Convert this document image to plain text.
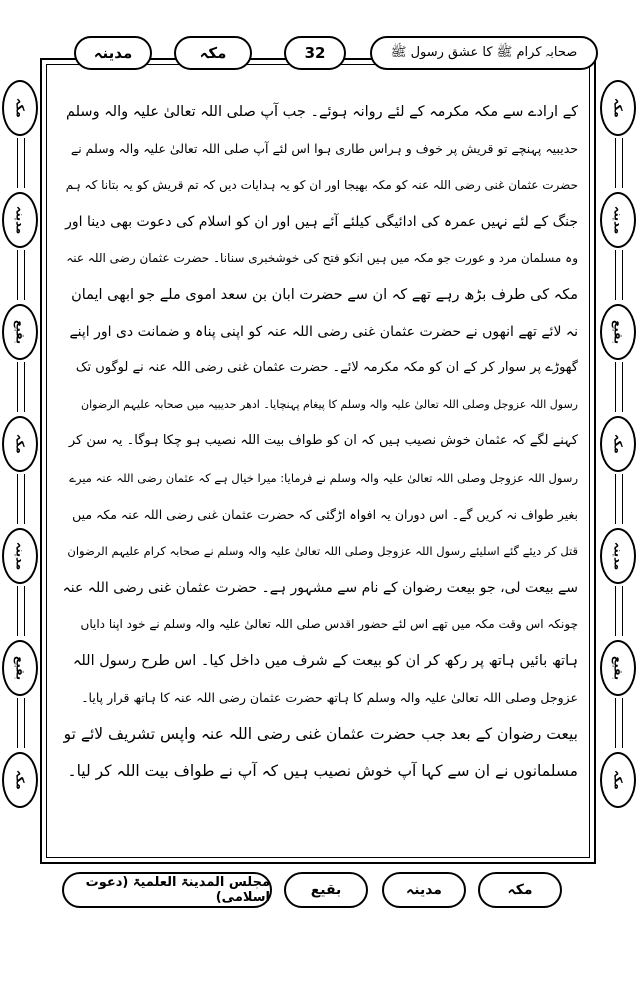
مدینہ	مکہ	32	صحابہ کرام ﷺ کا عشق رسول ﷺ
مکہ
مدینہ
بقیع
مکہ
مدینہ
بقیع
مکہ
مکہ
مدینہ
بقیع
مکہ
مدینہ
بقیع
مکہ
کے ارادے سے مکہ مکرمہ کے لئے روانہ ہوئے۔ جب آپ صلی اللہ تعالیٰ علیہ والہ وسلم
حدیبیہ پہنچے تو قریش پر خوف و ہراس طاری ہوا اس لئے آپ صلی اللہ تعالیٰ علیہ والہ وسلم نے
حضرت عثمان غنی رضی اللہ عنہ کو مکہ بھیجا اور ان کو یہ ہدایات دیں کہ تم قریش کو یہ بتانا کہ ہم
جنگ کے لئے نہیں عمرہ کی ادائیگی کیلئے آئے ہیں اور ان کو اسلام کی دعوت بھی دینا اور
وہ مسلمان مرد و عورت جو مکہ میں ہیں انکو فتح کی خوشخبری سنانا۔ حضرت عثمان رضی اللہ عنہ
مکہ کی طرف بڑھ رہے تھے کہ ان سے حضرت ابان بن سعد اموی ملے جو ابھی ایمان
نہ لائے تھے انھوں نے حضرت عثمان غنی رضی اللہ عنہ کو اپنی پناہ و ضمانت دی اور اپنے
گھوڑے پر سوار کر کے ان کو مکہ مکرمہ لائے۔ حضرت عثمان غنی رضی اللہ عنہ نے لوگوں تک
رسول اللہ عزوجل وصلی اللہ تعالیٰ علیہ والہ وسلم کا پیغام پہنچایا۔ ادھر حدیبیہ میں صحابہ علیہم الرضوان
کہنے لگے کہ عثمان خوش نصیب ہیں کہ ان کو طواف بیت اللہ نصیب ہو چکا ہوگا۔ یہ سن کر
رسول اللہ عزوجل وصلی اللہ تعالیٰ علیہ والہ وسلم نے فرمایا: میرا خیال ہے کہ عثمان رضی اللہ عنہ میرے
بغیر طواف نہ کریں گے۔ اس دوران یہ افواہ اڑگئی کہ حضرت عثمان غنی رضی اللہ عنہ مکہ میں
قتل کر دیئے گئے اسلیئے رسول اللہ عزوجل وصلی اللہ تعالیٰ علیہ والہ وسلم نے صحابہ کرام علیہم الرضوان
سے بیعت لی، جو بیعت رضوان کے نام سے مشہور ہے۔ حضرت عثمان غنی رضی اللہ عنہ
چونکہ اس وقت مکہ میں تھے اس لئے حضور اقدس صلی اللہ تعالیٰ علیہ والہ وسلم نے خود اپنا دایاں
ہاتھ بائیں ہاتھ پر رکھ کر ان کو بیعت کے شرف میں داخل کیا۔ اس طرح رسول اللہ
عزوجل وصلی اللہ تعالیٰ علیہ والہ وسلم کا ہاتھ حضرت عثمان رضی اللہ عنہ کا ہاتھ قرار پایا۔
بیعت رضوان کے بعد جب حضرت عثمان غنی رضی اللہ عنہ واپس تشریف لائے تو
مسلمانوں نے ان سے کہا آپ خوش نصیب ہیں کہ آپ نے طواف بیت اللہ کر لیا۔
مجلس المدینۃ العلمیۃ (دعوت اسلامی)	بقیع	مدینہ	مکہ
